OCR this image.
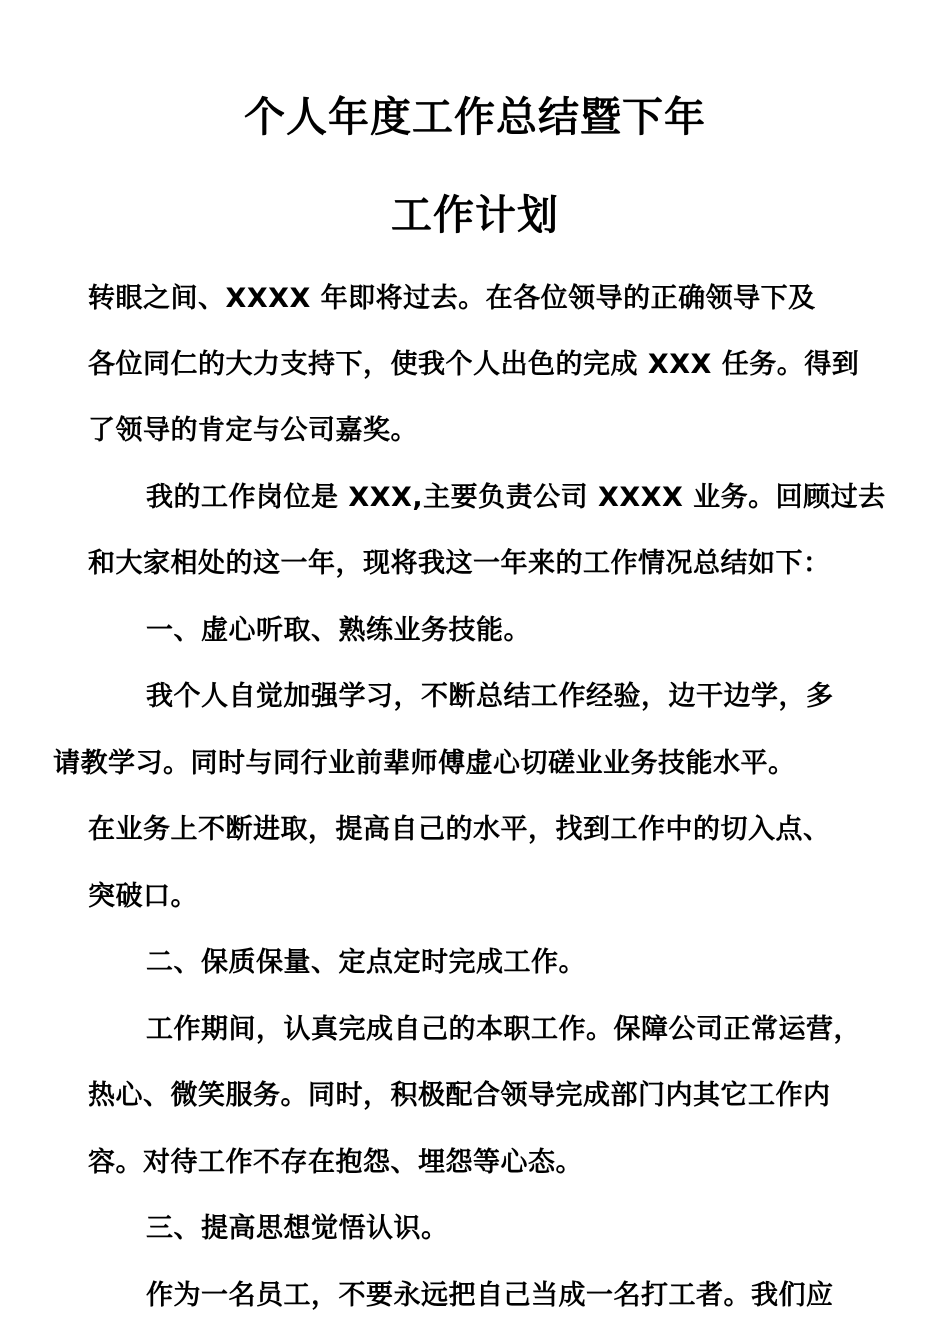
个人年度工作总结暨下年
工作计划
转眼之间、XXXX 年即将过去。在各位领导的正确领导下及
各位同仁的大力支持下，使我个人出色的完成 XXX 任务。得到
了领导的肯定与公司嘉奖。
我的工作岗位是 XXX,主要负责公司 XXXX 业务。回顾过去
和大家相处的这一年，现将我这一年来的工作情况总结如下：
一、虚心听取、熟练业务技能。
我个人自觉加强学习，不断总结工作经验，边干边学，多
请教学习。同时与同行业前辈师傅虚心切磋业业务技能水平。
在业务上不断进取，提高自己的水平，找到工作中的切入点、
突破口。
二、保质保量、定点定时完成工作。
工作期间，认真完成自己的本职工作。保障公司正常运营，
热心、微笑服务。同时，积极配合领导完成部门内其它工作内
容。对待工作不存在抱怨、埋怨等心态。
三、提高思想觉悟认识。
作为一名员工，不要永远把自己当成一名打工者。我们应
